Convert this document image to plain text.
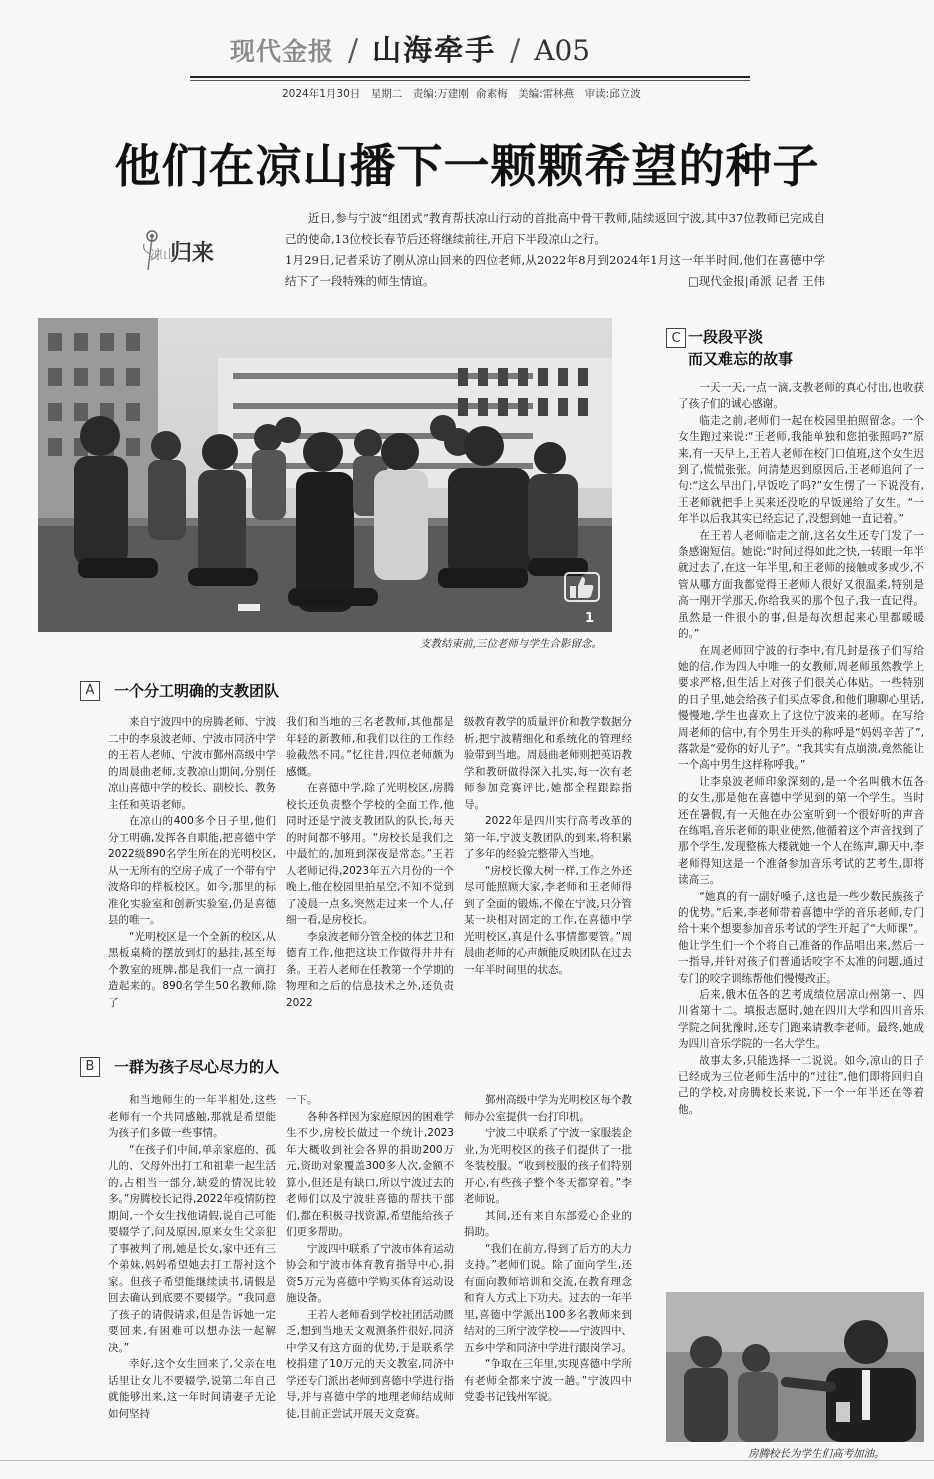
现代金报 / 山海牵手 / A05
2024年1月30日　星期二　责编:万建刚 俞素梅　美编:雷林燕　审读:邱立波
他们在凉山播下一颗颗希望的种子
凉山
归来

近日,参与宁波“组团式”教育帮扶凉山行动的首批高中骨干教师,陆续返回宁波,其中37位教师已完成自己的使命,13位校长春节后还将继续前往,开启下半段凉山之行。

1月29日,记者采访了刚从凉山回来的四位老师,从2022年8月到2024年1月这一年半时间,他们在喜德中学结下了一段特殊的师生情谊。	□现代金报|甬派 记者 王伟
1
支教结束前,三位老师与学生合影留念。
A	一个分工明确的支教团队

来自宁波四中的房腾老师、宁波二中的李泉波老师、宁波市同济中学的王若人老师、宁波市鄞州高级中学的周晨曲老师,支教凉山期间,分别任凉山喜德中学的校长、副校长、教务主任和英语老师。

在凉山的400多个日子里,他们分工明确,发挥各自职能,把喜德中学2022级890名学生所在的光明校区,从一无所有的空房子成了一个带有宁波烙印的样板校区。如今,那里的标准化实验室和创新实验室,仍是喜德县的唯一。

“光明校区是一个全新的校区,从黑板桌椅的摆放到灯的悬挂,甚至每个教室的班牌,都是我们一点一滴打造起来的。890名学生50名教师,除了

我们和当地的三名老教师,其他都是年轻的新教师,和我们以往的工作经验截然不同。”忆往昔,四位老师颇为感慨。

在喜德中学,除了光明校区,房腾校长还负责整个学校的全面工作,他同时还是宁波支教团队的队长,每天的时间都不够用。“房校长是我们之中最忙的,加班到深夜是常态。”王若人老师记得,2023年五六月份的一个晚上,他在校园里拍星空,不知不觉到了凌晨一点多,突然走过来一个人,仔细一看,是房校长。

李泉波老师分管全校的体艺卫和德育工作,他把这块工作做得井井有条。王若人老师在任教第一个学期的物理和之后的信息技术之外,还负责2022

级教育教学的质量评价和教学数据分析,把宁波精细化和系统化的管理经验带到当地。周晨曲老师则把英语教学和教研做得深入扎实,每一次有老师参加竞赛评比,她都全程跟踪指导。

2022年是四川实行高考改革的第一年,宁波支教团队的到来,将积累了多年的经验完整带入当地。

“房校长像大树一样,工作之外还尽可能照顾大家,李老师和王老师得到了全面的锻炼,不像在宁波,只分管某一块相对固定的工作,在喜德中学光明校区,真是什么事情都要管。”周晨曲老师的心声颇能反映团队在过去一年半时间里的状态。

B	一群为孩子尽心尽力的人

和当地师生的一年半相处,这些老师有一个共同感触,那就是希望能为孩子们多做一些事情。

“在孩子们中间,单亲家庭的、孤儿的、父母外出打工和祖辈一起生活的,占相当一部分,缺爱的情况比较多。”房腾校长记得,2022年疫情防控期间,一个女生找他请假,说自己可能要辍学了,问及原因,原来女生父亲犯了事被判了刑,她是长女,家中还有三个弟妹,妈妈希望她去打工帮衬这个家。但孩子希望能继续读书,请假是回去确认到底要不要辍学。“我同意了孩子的请假请求,但是告诉她一定要回来,有困难可以想办法一起解决。”

幸好,这个女生回来了,父亲在电话里让女儿不要辍学,说第二年自己就能够出来,这一年时间请妻子无论如何坚持

一下。

各种各样因为家庭原因的困难学生不少,房校长做过一个统计,2023年大概收到社会各界的捐助200万元,资助对象覆盖300多人次,金额不算小,但还是有缺口,所以宁波过去的老师们以及宁波驻喜德的帮扶干部们,都在积极寻找资源,希望能给孩子们更多帮助。

宁波四中联系了宁波市体育运动协会和宁波市体育教育指导中心,捐资5万元为喜德中学购买体育运动设施设备。

王若人老师看到学校社团活动匮乏,想到当地天文观测条件很好,同济中学又有这方面的优势,于是联系学校捐建了10万元的天文教室,同济中学还专门派出老师到喜德中学进行指导,并与喜德中学的地理老师结成师徒,目前正尝试开展天文竞赛。

鄞州高级中学为光明校区每个教师办公室提供一台打印机。

宁波二中联系了宁波一家服装企业,为光明校区的孩子们提供了一批冬装校服。“收到校服的孩子们特别开心,有些孩子整个冬天都穿着。”李老师说。

其间,还有来自东部爱心企业的捐助。

“我们在前方,得到了后方的大力支持。”老师们说。除了面向学生,还有面向教师培训和交流,在教育理念和育人方式上下功夫。过去的一年半里,喜德中学派出100多名教师来到结对的三所宁波学校——宁波四中、五乡中学和同济中学进行跟岗学习。

“争取在三年里,实现喜德中学所有老师全都来宁波一趟。”宁波四中党委书记钱州军说。

C 一段段平淡
而又难忘的故事

一天一天,一点一滴,支教老师的真心付出,也收获了孩子们的诚心感谢。

临走之前,老师们一起在校园里拍照留念。一个女生跑过来说:“王老师,我能单独和您拍张照吗?”原来,有一天早上,王若人老师在校门口值班,这个女生迟到了,慌慌张张。问清楚迟到原因后,王老师追问了一句:“这么早出门,早饭吃了吗?”女生愣了一下说没有,王老师就把手上买来还没吃的早饭递给了女生。“一年半以后我其实已经忘记了,没想到她一直记着。”

在王若人老师临走之前,这名女生还专门发了一条感谢短信。她说:“时间过得如此之快,一转眼一年半就过去了,在这一年半里,和王老师的接触或多或少,不管从哪方面我都觉得王老师人很好又很温柔,特别是高一刚开学那天,你给我买的那个包子,我一直记得。虽然是一件很小的事,但是每次想起来心里都暖暖的。”

在周老师回宁波的行李中,有几封是孩子们写给她的信,作为四人中唯一的女教师,周老师虽然教学上要求严格,但生活上对孩子们很关心体贴。一些特别的日子里,她会给孩子们买点零食,和他们聊聊心里话,慢慢地,学生也喜欢上了这位宁波来的老师。在写给周老师的信中,有个男生开头的称呼是“妈妈辛苦了”,落款是“爱你的好儿子”。“我其实有点崩溃,竟然能让一个高中男生这样称呼我。”

让李泉波老师印象深刻的,是一个名叫俄木伍各的女生,那是他在喜德中学见到的第一个学生。当时还在暑假,有一天他在办公室听到一个很好听的声音在练唱,音乐老师的职业使然,他循着这个声音找到了那个学生,发现整栋大楼就她一个人在练声,聊天中,李老师得知这是一个准备参加音乐考试的艺考生,即将读高三。

“她真的有一副好嗓子,这也是一些少数民族孩子的优势。”后来,李老师带着喜德中学的音乐老师,专门给十来个想要参加音乐考试的学生开起了“大师课”。他让学生们一个个将自己准备的作品唱出来,然后一一指导,并针对孩子们普通话咬字不太准的问题,通过专门的咬字训练帮他们慢慢改正。

后来,俄木伍各的艺考成绩位居凉山州第一、四川省第十二。填报志愿时,她在四川大学和四川音乐学院之间犹豫时,还专门跑来请教李老师。最终,她成为四川音乐学院的一名大学生。

故事太多,只能选择一二说说。如今,凉山的日子已经成为三位老师生活中的“过往”,他们即将回归自己的学校,对房腾校长来说,下一个一年半还在等着他。

房腾校长为学生们高考加油。
